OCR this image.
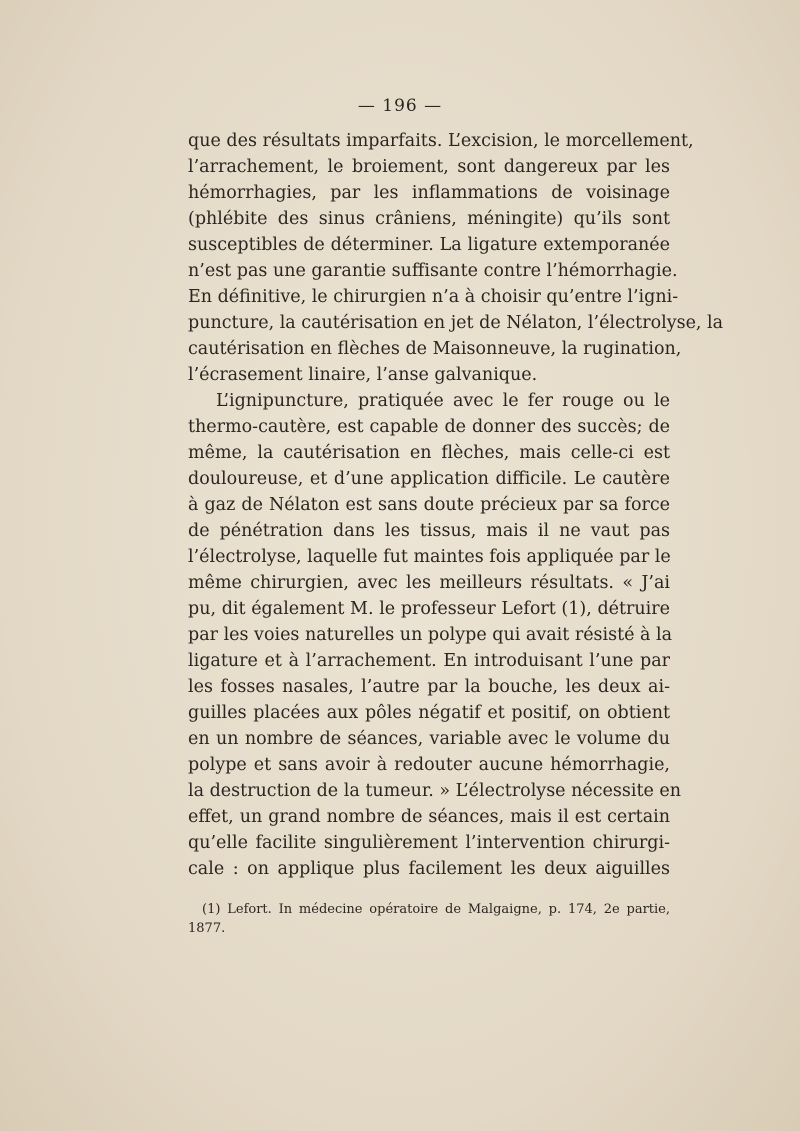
— 196 —
que des résultats imparfaits. L’excision, le morcellement,
l’arrachement, le broiement, sont dangereux par les
hémorrhagies, par les inflammations de voisinage
(phlébite des sinus crâniens, méningite) qu’ils sont
susceptibles de déterminer. La ligature extemporanée
n’est pas une garantie suffisante contre l’hémorrhagie.
En définitive, le chirurgien n’a à choisir qu’entre l’igni-
puncture, la cautérisation en jet de Nélaton, l’électrolyse, la
cautérisation en flèches de Maisonneuve, la rugination,
l’écrasement linaire, l’anse galvanique.
L’ignipuncture, pratiquée avec le fer rouge ou le
thermo-cautère, est capable de donner des succès; de
même, la cautérisation en flèches, mais celle-ci est
douloureuse, et d’une application difficile. Le cautère
à gaz de Nélaton est sans doute précieux par sa force
de pénétration dans les tissus, mais il ne vaut pas
l’électrolyse, laquelle fut maintes fois appliquée par le
même chirurgien, avec les meilleurs résultats. « J’ai
pu, dit également M. le professeur Lefort (1), détruire
par les voies naturelles un polype qui avait résisté à la
ligature et à l’arrachement. En introduisant l’une par
les fosses nasales, l’autre par la bouche, les deux ai-
guilles placées aux pôles négatif et positif, on obtient
en un nombre de séances, variable avec le volume du
polype et sans avoir à redouter aucune hémorrhagie,
la destruction de la tumeur. » L’électrolyse nécessite en
effet, un grand nombre de séances, mais il est certain
qu’elle facilite singulièrement l’intervention chirurgi-
cale : on applique plus facilement les deux aiguilles
(1) Lefort. In médecine opératoire de Malgaigne, p. 174, 2e partie,
1877.
